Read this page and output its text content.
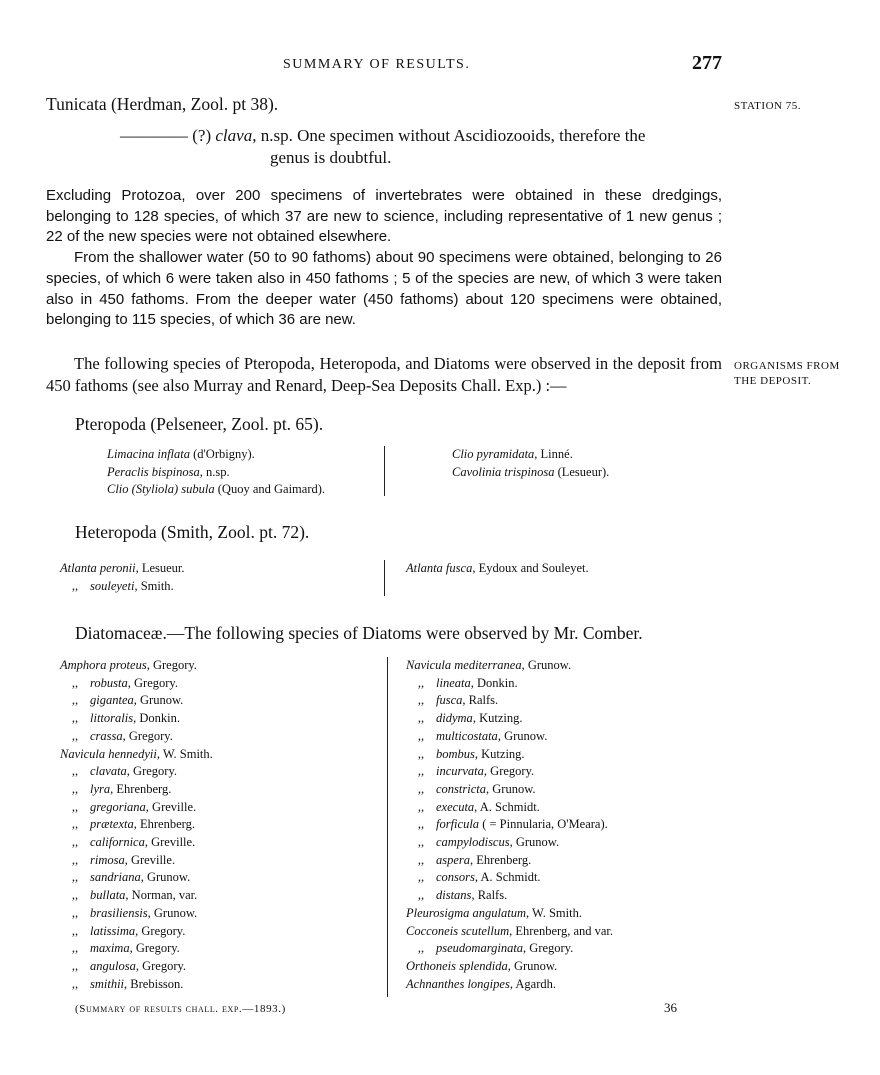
SUMMARY OF RESULTS.	277
STATION 75.
Tunicata (Herdman, Zool. pt 38).
———— (?) clava, n.sp. One specimen without Ascidiozooids, therefore the
genus is doubtful.

Excluding Protozoa, over 200 specimens of invertebrates were obtained in these dredgings, belonging to 128 species, of which 37 are new to science, including representative of 1 new genus ; 22 of the new species were not obtained elsewhere.

From the shallower water (50 to 90 fathoms) about 90 specimens were obtained, belonging to 26 species, of which 6 were taken also in 450 fathoms ; 5 of the species are new, of which 3 were taken also in 450 fathoms. From the deeper water (450 fathoms) about 120 specimens were obtained, belonging to 115 species, of which 36 are new.

The following species of Pteropoda, Heteropoda, and Diatoms were observed in the deposit from 450 fathoms (see also Murray and Renard, Deep-Sea Deposits Chall. Exp.) :—
ORGANISMS FROM
THE DEPOSIT.
Pteropoda (Pelseneer, Zool. pt. 65).
Limacina inflata (d'Orbigny).
Peraclis bispinosa, n.sp.
Clio (Styliola) subula (Quoy and Gaimard).
Clio pyramidata, Linné.
Cavolinia trispinosa (Lesueur).
Heteropoda (Smith, Zool. pt. 72).
Atlanta peronii, Lesueur.
,, souleyeti, Smith.
Atlanta fusca, Eydoux and Souleyet.
Diatomaceæ.—The following species of Diatoms were observed by Mr. Comber.
Amphora proteus, Gregory.
,, robusta, Gregory.
,, gigantea, Grunow.
,, littoralis, Donkin.
,, crassa, Gregory.
Navicula hennedyii, W. Smith.
,, clavata, Gregory.
,, lyra, Ehrenberg.
,, gregoriana, Greville.
,, prætexta, Ehrenberg.
,, californica, Greville.
,, rimosa, Greville.
,, sandriana, Grunow.
,, bullata, Norman, var.
,, brasiliensis, Grunow.
,, latissima, Gregory.
,, maxima, Gregory.
,, angulosa, Gregory.
,, smithii, Brebisson.
Navicula mediterranea, Grunow.
,, lineata, Donkin.
,, fusca, Ralfs.
,, didyma, Kutzing.
,, multicostata, Grunow.
,, bombus, Kutzing.
,, incurvata, Gregory.
,, constricta, Grunow.
,, executa, A. Schmidt.
,, forficula ( = Pinnularia, O'Meara).
,, campylodiscus, Grunow.
,, aspera, Ehrenberg.
,, consors, A. Schmidt.
,, distans, Ralfs.
Pleurosigma angulatum, W. Smith.
Cocconeis scutellum, Ehrenberg, and var.
,, pseudomarginata, Gregory.
Orthoneis splendida, Grunow.
Achnanthes longipes, Agardh.
(Summary of results chall. exp.—1893.)	36
